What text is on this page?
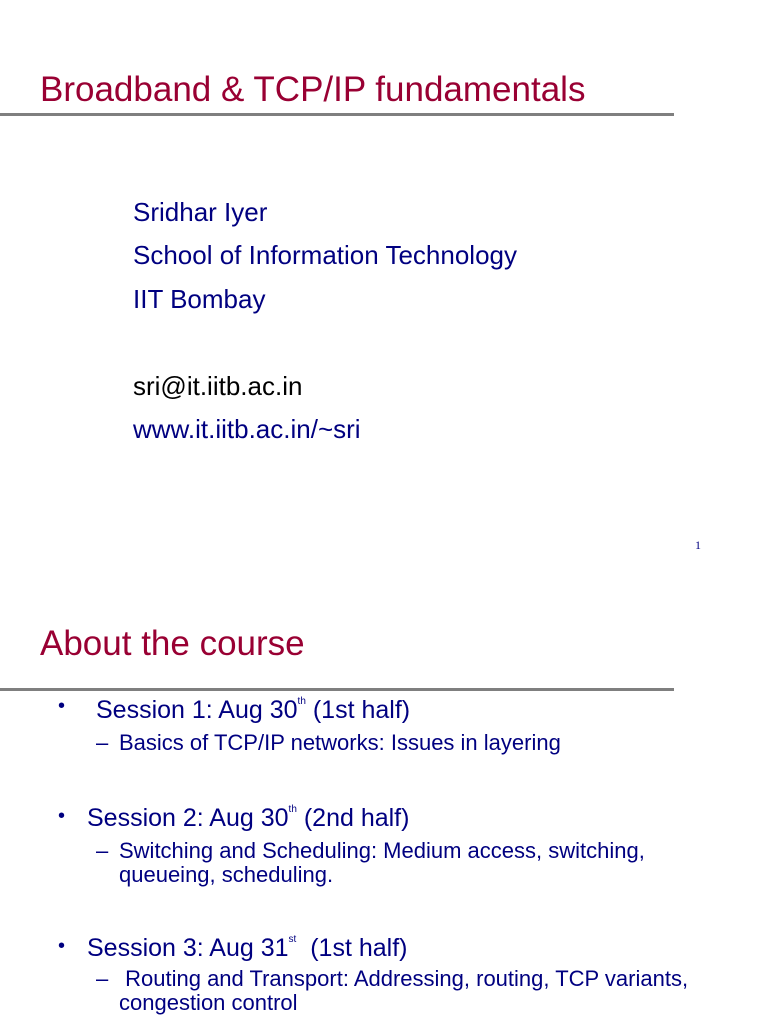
Broadband & TCP/IP fundamentals
Sridhar Iyer
School of Information Technology
IIT Bombay
sri@it.iitb.ac.in
www.it.iitb.ac.in/~sri
1
About the course
• Session 1: Aug 30th (1st half)
– Basics of TCP/IP networks: Issues in layering
• Session 2: Aug 30th (2nd half)
– Switching and Scheduling: Medium access, switching, queueing, scheduling.
• Session 3: Aug 31st  (1st half)
– Routing and Transport: Addressing, routing, TCP variants, congestion control
